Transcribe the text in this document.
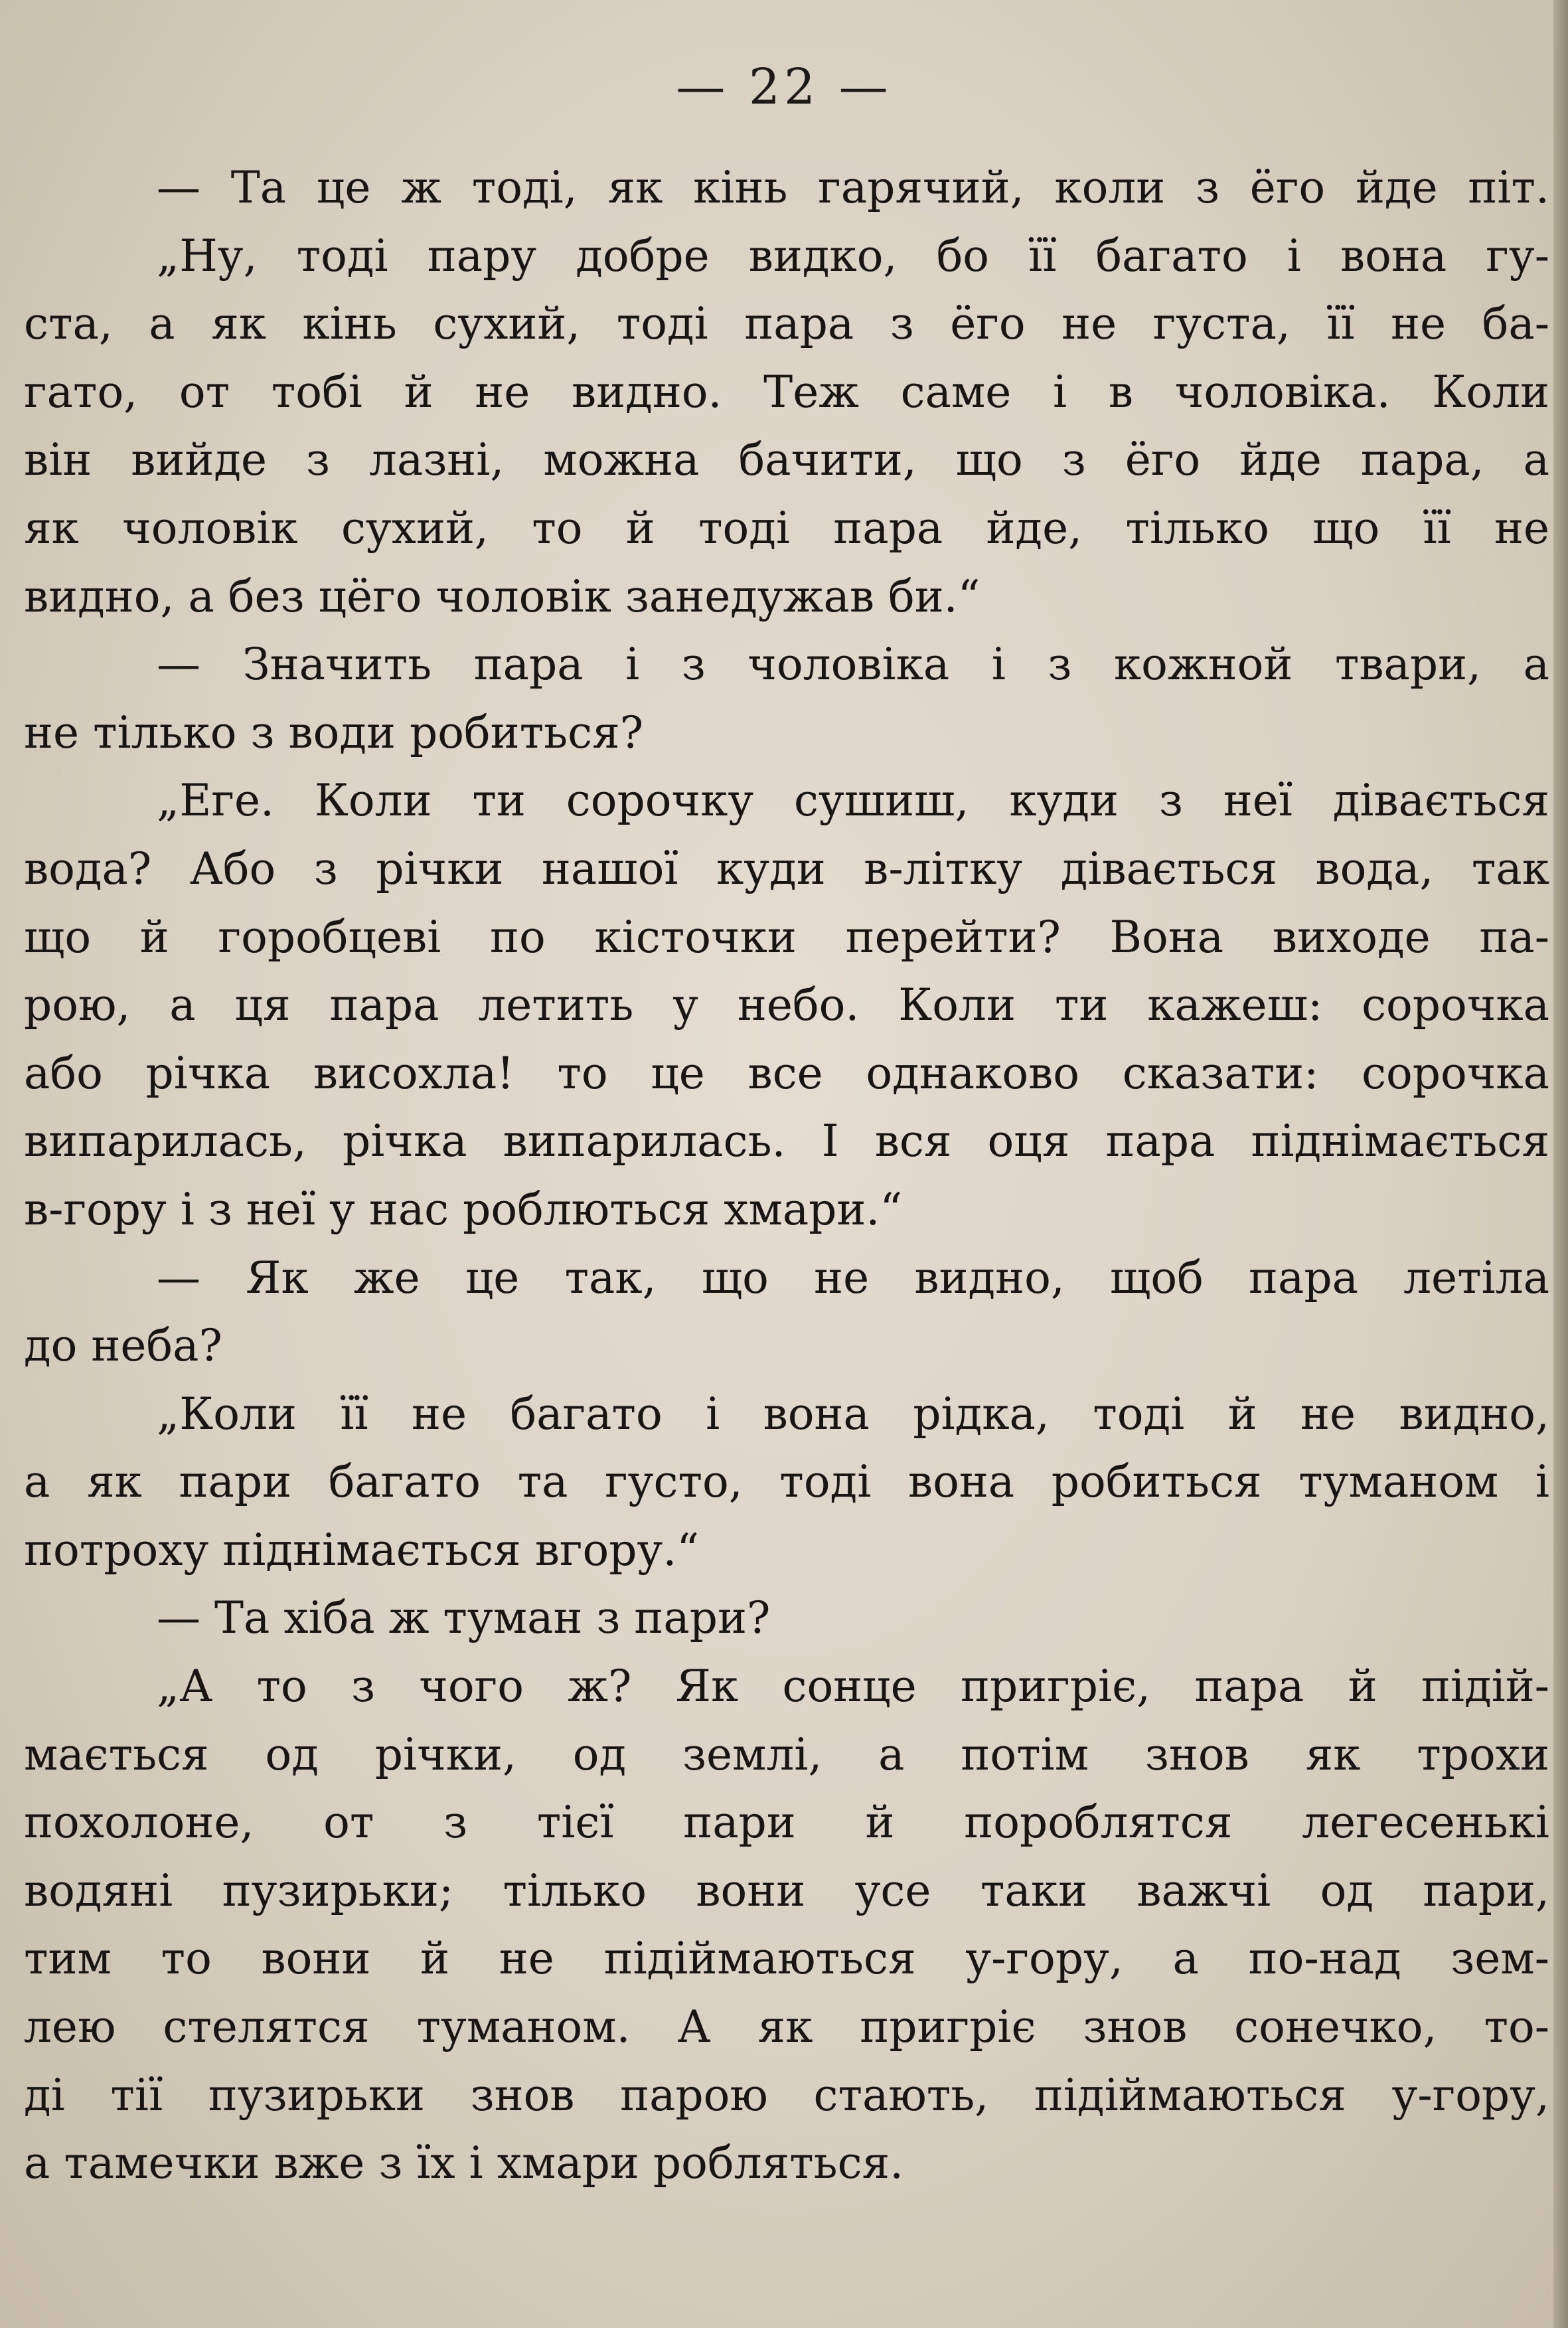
— 22 —
— Та це ж тоді, як кінь гарячий, коли з ёго йде піт.
„Ну, тоді пару добре видко, бо її багато і вона гу-
ста, а як кінь сухий, тоді пара з ёго не густа, її не ба-
гато, от тобі й не видно. Теж саме і в чоловіка. Коли
він вийде з лазні, можна бачити, що з ёго йде пара, а
як чоловік сухий, то й тоді пара йде, тілько що її не
видно, а без цёго чоловік занедужав би.“
— Значить пара і з чоловіка і з кожной твари, а
не тілько з води робиться?
„Еге. Коли ти сорочку сушиш, куди з неї дівається
вода? Або з річки нашої куди в-літку дівається вода, так
що й горобцеві по кісточки перейти? Вона виходе па-
рою, а ця пара летить у небо. Коли ти кажеш: сорочка
або річка висохла! то це все однаково сказати: сорочка
випарилась, річка випарилась. І вся оця пара піднімається
в-гору і з неї у нас роблються хмари.“
— Як же це так, що не видно, щоб пара летіла
до неба?
„Коли її не багато і вона рідка, тоді й не видно,
а як пари багато та густо, тоді вона робиться туманом і
потроху піднімається вгору.“
— Та хіба ж туман з пари?
„А то з чого ж? Як сонце пригріє, пара й підій-
мається од річки, од землі, а потім знов як трохи
похолоне, от з тієї пари й пороблятся легесенькі
водяні пузирьки; тілько вони усе таки важчі од пари,
тим то вони й не підіймаються у-гору, а по-над зем-
лею стелятся туманом. А як пригріє знов сонечко, то-
ді тії пузирьки знов парою стають, підіймаються у-гору,
а тамечки вже з їх і хмари робляться.
